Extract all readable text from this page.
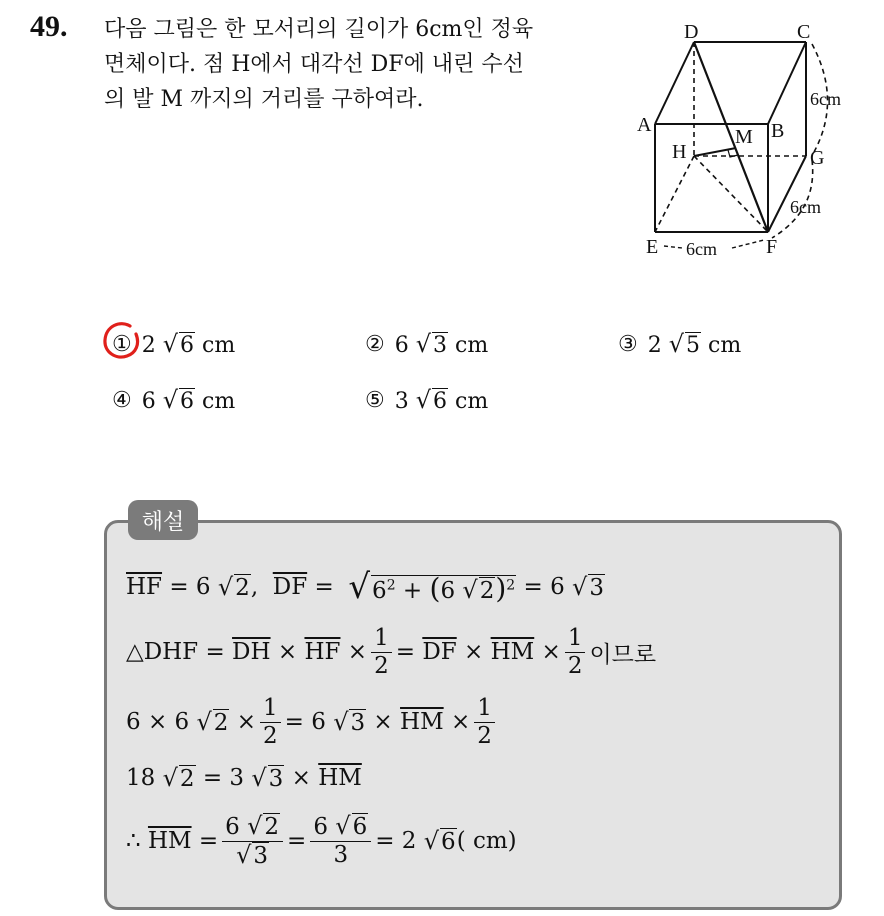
49. 다음 그림은 한 모서리의 길이가 6cm인 정육
면체이다. 점 H에서 대각선 DF에 내린 수선
의 발 M 까지의 거리를 구하여라.
D	C
A	B
H
M
G
E	F
6cm
6cm
6cm
① 2 √6 cm	② 6 √3 cm	③ 2 √5 cm
④ 6 √6 cm	⑤ 3 √6 cm
해설
$\overline{HF} = 6$ √2 , $\overline{DF} = √6^2 + (6$ √2)$^2$ = 6 √3
△DHF = $\overline{DH} \times \overline{HF} \times \frac{1}{2} = \overline{DF} \times \overline{HM} \times \frac{1}{2}$ 이므로
6 × 6 $√2 \times \frac{1}{2} = 6$ $√3 \times \overline{HM} \times \frac{1}{2}$
18 √2 = 3 $√3 \times \overline{HM}$
∴ $\overline{HM} = \frac{6 √2}{√3} = \frac{6 √6}{3} = 2$ √6 ( cm)
